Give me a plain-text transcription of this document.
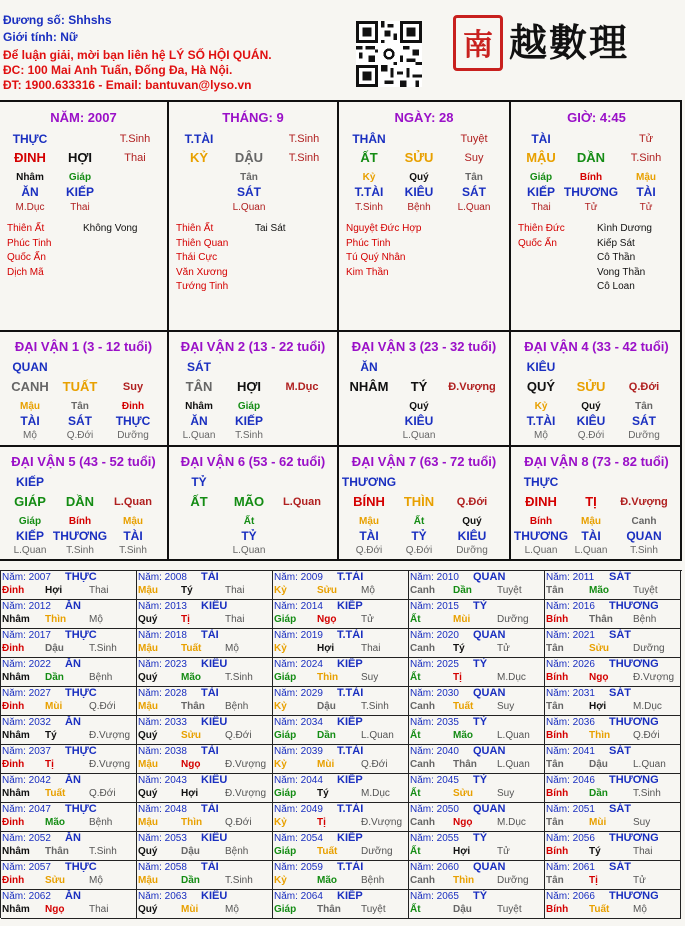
Đương số: Shhshs
Giới tính: Nữ
Để luận giải, mời bạn liên hệ LÝ SỐ HỘI QUÁN.
ĐC: 100 Mai Anh Tuấn, Đống Đa, Hà Nội.
ĐT: 1900.633316 - Email: bantuvan@lyso.vn
南 越數理
NĂM: 2007
THỰC	T.Sinh
ĐINH	HỢI	Thai
Nhâm
ĂN
M.Dục
Giáp
KIẾP
Thai
Thiên Ất
Phúc Tinh
Quốc Ấn
Dịch Mã
Không Vong
THÁNG: 9
T.TÀI	T.Sinh
KỶ	DẬU	T.Sinh
Tân
SÁT
L.Quan
Thiên Ất
Thiên Quan
Thái Cực
Văn Xương
Tướng Tinh
Tai Sát
NGÀY: 28
THÂN	Tuyệt
ẤT	SỬU	Suy
Kỷ
T.TÀI
T.Sinh
Quý
KIÊU
Bệnh
Tân
SÁT
L.Quan
Nguyệt Đức Hợp
Phúc Tinh
Tú Quý Nhân
Kim Thần
GIỜ: 4:45
TÀI	Tử
MẬU	DẦN	T.Sinh
Giáp
KIẾP
Thai
Bính
THƯƠNG
Tử
Mậu
TÀI
Tử
Thiên Đức
Quốc Ấn
Kình Dương
Kiếp Sát
Cô Thần
Vong Thần
Cô Loan
ĐẠI VẬN 1 (3 - 12 tuổi)
QUAN
CANH	TUẤT	Suy
Mậu
TÀI
Mộ
Tân
SÁT
Q.Đới
Đinh
THỰC
Dưỡng
ĐẠI VẬN 2 (13 - 22 tuổi)
SÁT
TÂN	HỢI	M.Dục
Nhâm
ĂN
L.Quan
Giáp
KIẾP
T.Sinh
ĐẠI VẬN 3 (23 - 32 tuổi)
ĂN
NHÂM	TÝ	Đ.Vượng
Quý
KIÊU
L.Quan
ĐẠI VẬN 4 (33 - 42 tuổi)
KIÊU
QUÝ	SỬU	Q.Đới
Kỷ
T.TÀI
Mộ
Quý
KIÊU
Q.Đới
Tân
SÁT
Dưỡng
ĐẠI VẬN 5 (43 - 52 tuổi)
KIẾP
GIÁP	DẦN	L.Quan
Giáp
KIẾP
L.Quan
Bính
THƯƠNG
T.Sinh
Mậu
TÀI
T.Sinh
ĐẠI VẬN 6 (53 - 62 tuổi)
TỶ
ẤT	MÃO	L.Quan
Ất
TỶ
L.Quan
ĐẠI VẬN 7 (63 - 72 tuổi)
THƯƠNG
BÍNH	THÌN	Q.Đới
Mậu
TÀI
Q.Đới
Ất
TỶ
Q.Đới
Quý
KIÊU
Dưỡng
ĐẠI VẬN 8 (73 - 82 tuổi)
THỰC
ĐINH	TỊ	Đ.Vượng
Bính
THƯƠNG
L.Quan
Mậu
TÀI
L.Quan
Canh
QUAN
T.Sinh
Năm: 2007 THỰC
Đinh Hợi	Thai
Năm: 2008 TÀI
Mậu Tý	Thai
Năm: 2009 T.TÀI
Kỷ	Sửu Mộ
Năm: 2010 QUAN
Canh Dần	Tuyệt
Năm: 2011 SÁT
Tân	Mão Tuyệt
Năm: 2012 ĂN
Nhâm Thìn Mộ
Năm: 2013 KIÊU
Quý Tị	Thai
Năm: 2014 KIẾP
Giáp Ngọ Tử
Năm: 2015 TỶ
Ất	Mùi	Dưỡng
Năm: 2016 THƯƠNG
Bính Thân Bệnh
Năm: 2017 THỰC
Đinh Dậu	T.Sinh
Năm: 2018 TÀI
Mậu Tuất Mộ
Năm: 2019 T.TÀI
Kỷ	Hợi	Thai
Năm: 2020 QUAN
Canh Tý	Tử
Năm: 2021 SÁT
Tân	Sửu Dưỡng
Năm: 2022 ĂN
Nhâm Dần	Bệnh
Năm: 2023 KIÊU
Quý Mão T.Sinh
Năm: 2024 KIẾP
Giáp Thìn Suy
Năm: 2025 TỶ
Ất	Tị	M.Dục
Năm: 2026 THƯƠNG
Bính Ngọ Đ.Vượng
Năm: 2027 THỰC
Đinh Mùi	Q.Đới
Năm: 2028 TÀI
Mậu Thân Bệnh
Năm: 2029 T.TÀI
Kỷ	Dậu	T.Sinh
Năm: 2030 QUAN
Canh Tuất Suy
Năm: 2031 SÁT
Tân	Hợi	M.Dục
Năm: 2032 ĂN
Nhâm Tý	Đ.Vượng
Năm: 2033 KIÊU
Quý Sửu Q.Đới
Năm: 2034 KIẾP
Giáp Dần	L.Quan
Năm: 2035 TỶ
Ất	Mão L.Quan
Năm: 2036 THƯƠNG
Bính Thìn Q.Đới
Năm: 2037 THỰC
Đinh Tị	Đ.Vượng
Năm: 2038 TÀI
Mậu Ngọ Đ.Vượng
Năm: 2039 T.TÀI
Kỷ	Mùi	Q.Đới
Năm: 2040 QUAN
Canh Thân L.Quan
Năm: 2041 SÁT
Tân	Dậu	L.Quan
Năm: 2042 ĂN
Nhâm Tuất Q.Đới
Năm: 2043 KIÊU
Quý Hợi	Đ.Vượng
Năm: 2044 KIẾP
Giáp Tý	M.Dục
Năm: 2045 TỶ
Ất	Sửu Suy
Năm: 2046 THƯƠNG
Bính Dần	T.Sinh
Năm: 2047 THỰC
Đinh Mão Bệnh
Năm: 2048 TÀI
Mậu Thìn Q.Đới
Năm: 2049 T.TÀI
Kỷ	Tị	Đ.Vượng
Năm: 2050 QUAN
Canh Ngọ M.Dục
Năm: 2051 SÁT
Tân	Mùi	Suy
Năm: 2052 ĂN
Nhâm Thân T.Sinh
Năm: 2053 KIÊU
Quý Dậu	Bệnh
Năm: 2054 KIẾP
Giáp Tuất Dưỡng
Năm: 2055 TỶ
Ất	Hợi	Tử
Năm: 2056 THƯƠNG
Bính Tý	Thai
Năm: 2057 THỰC
Đinh Sửu Mộ
Năm: 2058 TÀI
Mậu Dần	T.Sinh
Năm: 2059 T.TÀI
Kỷ	Mão Bệnh
Năm: 2060 QUAN
Canh Thìn Dưỡng
Năm: 2061 SÁT
Tân	Tị	Tử
Năm: 2062 ĂN
Nhâm Ngọ Thai
Năm: 2063 KIÊU
Quý Mùi	Mộ
Năm: 2064 KIẾP
Giáp Thân Tuyệt
Năm: 2065 TỶ
Ất	Dậu	Tuyệt
Năm: 2066 THƯƠNG
Bính Tuất Mộ
